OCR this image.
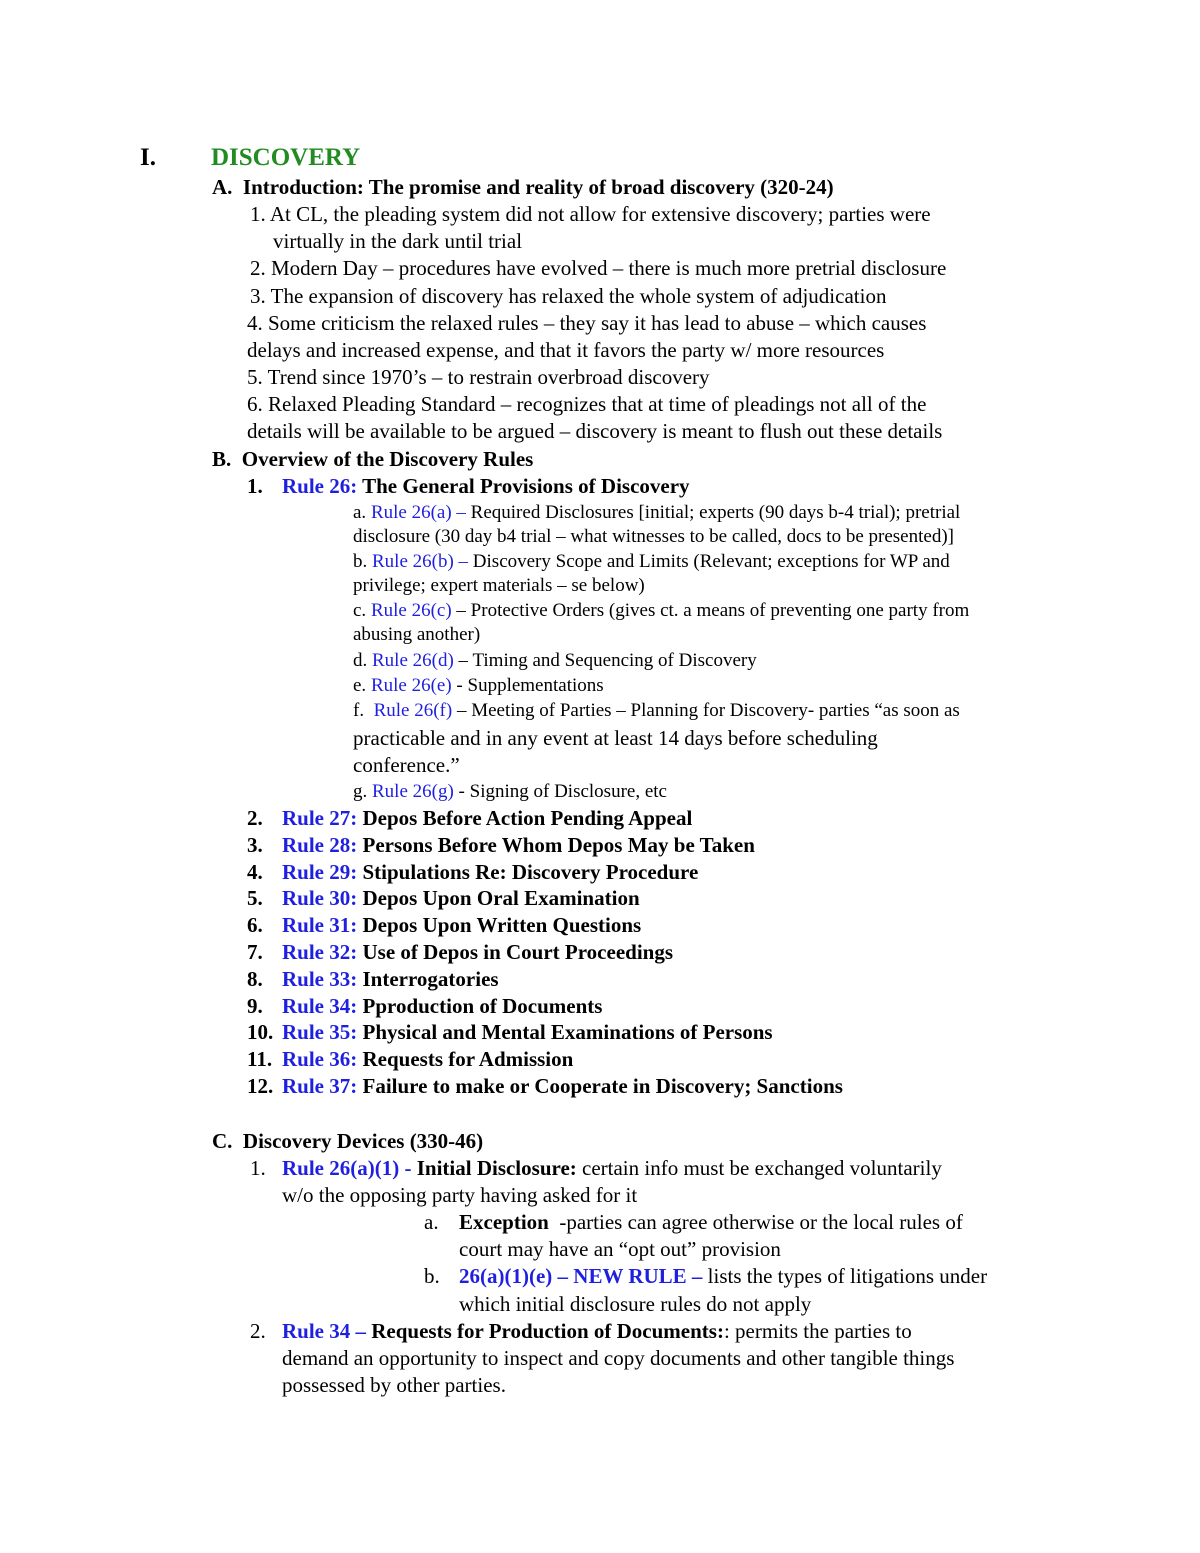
I. DISCOVERY
A. Introduction: The promise and reality of broad discovery (320-24)
1. At CL, the pleading system did not allow for extensive discovery; parties were
virtually in the dark until trial
2. Modern Day – procedures have evolved – there is much more pretrial disclosure
3. The expansion of discovery has relaxed the whole system of adjudication
4. Some criticism the relaxed rules – they say it has lead to abuse – which causes
delays and increased expense, and that it favors the party w/ more resources
5. Trend since 1970’s – to restrain overbroad discovery
6. Relaxed Pleading Standard – recognizes that at time of pleadings not all of the
details will be available to be argued – discovery is meant to flush out these details
B. Overview of the Discovery Rules
1. Rule 26: The General Provisions of Discovery
a. Rule 26(a) – Required Disclosures [initial; experts (90 days b-4 trial); pretrial
disclosure (30 day b4 trial – what witnesses to be called, docs to be presented)]
b. Rule 26(b) – Discovery Scope and Limits (Relevant; exceptions for WP and
privilege; expert materials – se below)
c. Rule 26(c) – Protective Orders (gives ct. a means of preventing one party from
abusing another)
d. Rule 26(d) – Timing and Sequencing of Discovery
e. Rule 26(e) - Supplementations
f. Rule 26(f) – Meeting of Parties – Planning for Discovery- parties “as soon as
practicable and in any event at least 14 days before scheduling
conference.”
g. Rule 26(g) - Signing of Disclosure, etc
2. Rule 27: Depos Before Action Pending Appeal
3. Rule 28: Persons Before Whom Depos May be Taken
4. Rule 29: Stipulations Re: Discovery Procedure
5. Rule 30: Depos Upon Oral Examination
6. Rule 31: Depos Upon Written Questions
7. Rule 32: Use of Depos in Court Proceedings
8. Rule 33: Interrogatories
9. Rule 34: Pproduction of Documents
10. Rule 35: Physical and Mental Examinations of Persons
11. Rule 36: Requests for Admission
12. Rule 37: Failure to make or Cooperate in Discovery; Sanctions
C. Discovery Devices (330-46)
1. Rule 26(a)(1) - Initial Disclosure: certain info must be exchanged voluntarily
w/o the opposing party having asked for it
a. Exception -parties can agree otherwise or the local rules of
court may have an “opt out” provision
b. 26(a)(1)(e) – NEW RULE – lists the types of litigations under
which initial disclosure rules do not apply
2. Rule 34 – Requests for Production of Documents:: permits the parties to
demand an opportunity to inspect and copy documents and other tangible things
possessed by other parties.
